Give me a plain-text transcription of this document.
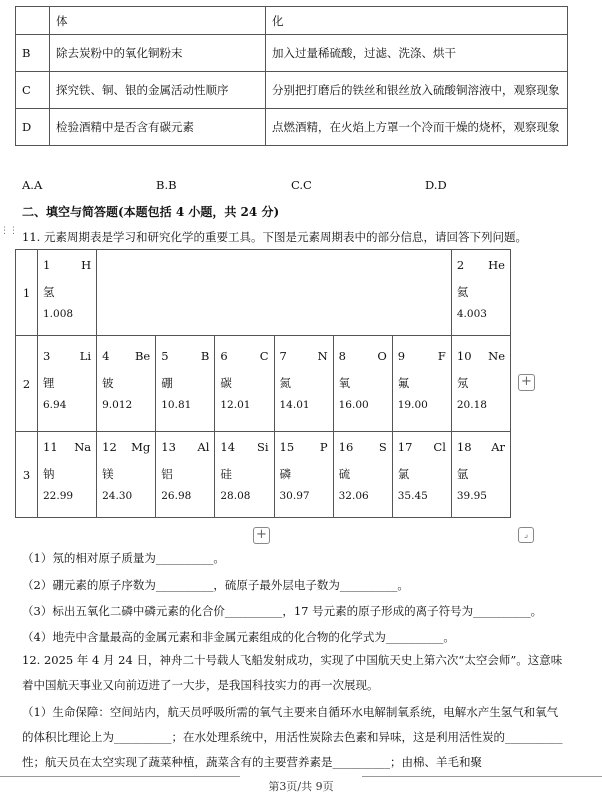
	体	化
B	除去炭粉中的氧化铜粉末	加入过量稀硫酸，过滤、洗涤、烘干
C	探究铁、铜、银的金属活动性顺序	分别把打磨后的铁丝和银丝放入硫酸铜溶液中，观察现象
D	检验酒精中是否含有碳元素	点燃酒精，在火焰上方罩一个冷而干燥的烧杯，观察现象
A.A	B.B	C.C	D.D
二、填空与简答题(本题包括 4 小题，共 24 分)
⋮⋮ 11. 元素周期表是学习和研究化学的重要工具。下图是元素周期表中的部分信息，请回答下列问题。
1	1 H
氢
1.008							2 He
氦
4.003

2	3 Li
锂
6.94	4 Be
铍
9.012	5 B
硼
10.81	6 C
碳
12.01	7 N
氮
14.01	8 O
氧
16.00	9 F
氟
19.00	10 Ne
氖
20.18

3	11 Na
钠
22.99	12 Mg
镁
24.30	13 Al
铝
26.98	14 Si
硅
28.08	15 P
磷
30.97	16 S
硫
32.06	17 Cl
氯
35.45	18 Ar
氩
39.95
+
+	⌟
（1）氖的相对原子质量为__________。
（2）硼元素的原子序数为__________，硫原子最外层电子数为__________。
（3）标出五氧化二磷中磷元素的化合价__________，17 号元素的原子形成的离子符号为__________。
（4）地壳中含量最高的金属元素和非金属元素组成的化合物的化学式为__________。
12. 2025 年 4 月 24 日，神舟二十号载人飞船发射成功，实现了中国航天史上第六次“太空会师”。这意味着中国航天事业又向前迈进了一大步，是我国科技实力的再一次展现。
（1）生命保障：空间站内，航天员呼吸所需的氧气主要来自循环水电解制氧系统，电解水产生氢气和氧气的体积比理论上为__________；在水处理系统中，用活性炭除去色素和异味，这是利用活性炭的__________性；航天员在太空实现了蔬菜种植，蔬菜含有的主要营养素是__________；由棉、羊毛和聚
第3页/共 9页
